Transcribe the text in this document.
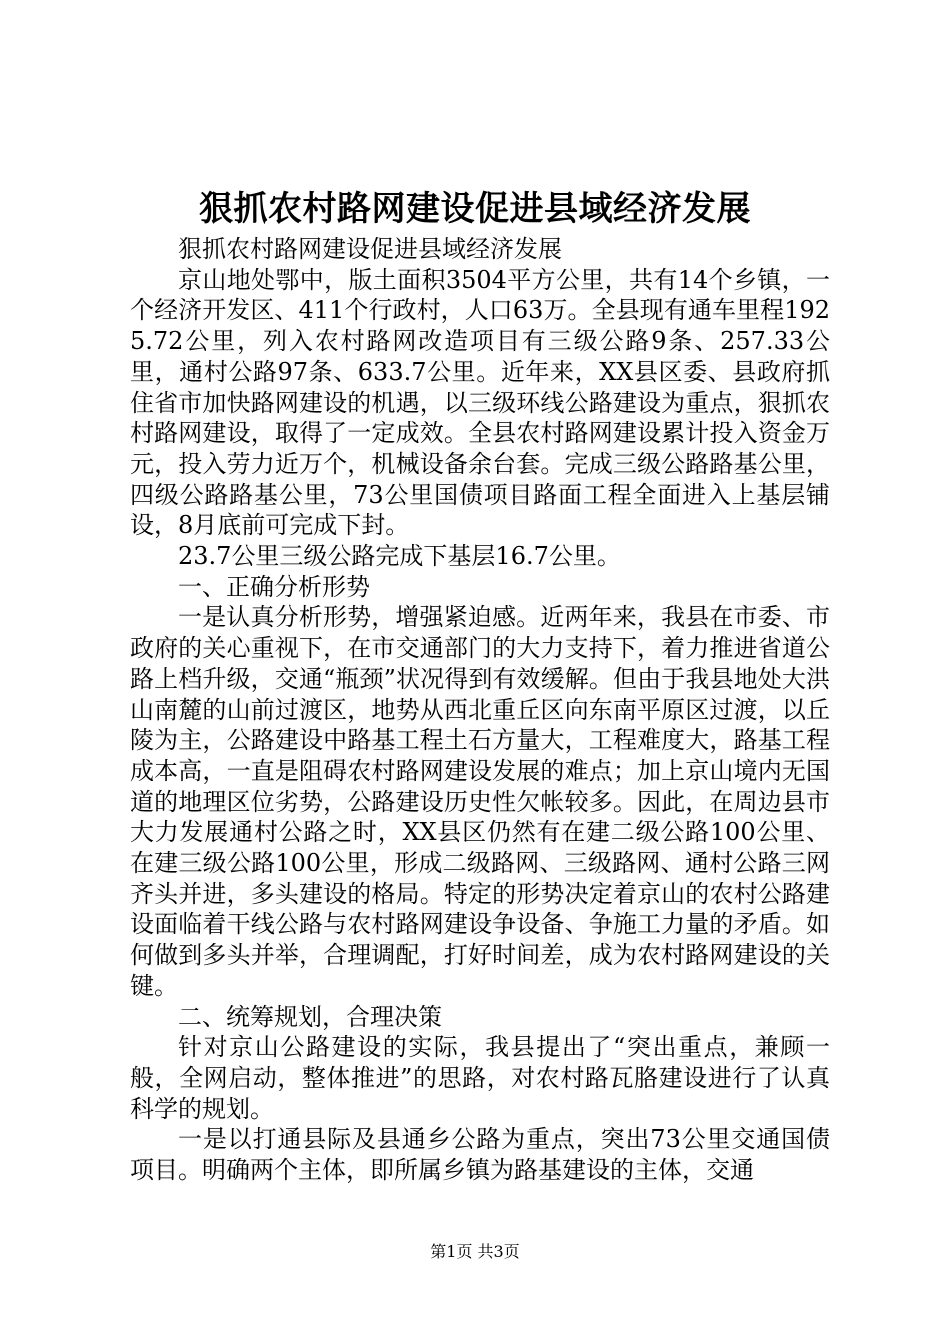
狠抓农村路网建设促进县域经济发展

狠抓农村路网建设促进县域经济发展

京山地处鄂中，版土面积3504平方公里，共有14个乡镇，一个经济开发区、411个行政村，人口63万。全县现有通车里程1925.72公里，列入农村路网改造项目有三级公路9条、257.33公里，通村公路97条、633.7公里。近年来，XX县区委、县政府抓住省市加快路网建设的机遇，以三级环线公路建设为重点，狠抓农村路网建设，取得了一定成效。全县农村路网建设累计投入资金万元，投入劳力近万个，机械设备余台套。完成三级公路路基公里，四级公路路基公里，73公里国债项目路面工程全面进入上基层铺设，8月底前可完成下封。

23.7公里三级公路完成下基层16.7公里。

一、正确分析形势

一是认真分析形势，增强紧迫感。近两年来，我县在市委、市政府的关心重视下，在市交通部门的大力支持下，着力推进省道公路上档升级，交通“瓶颈”状况得到有效缓解。但由于我县地处大洪山南麓的山前过渡区，地势从西北重丘区向东南平原区过渡，以丘陵为主，公路建设中路基工程土石方量大，工程难度大，路基工程成本高，一直是阻碍农村路网建设发展的难点；加上京山境内无国道的地理区位劣势，公路建设历史性欠帐较多。因此，在周边县市大力发展通村公路之时，XX县区仍然有在建二级公路100公里、在建三级公路100公里，形成二级路网、三级路网、通村公路三网齐头并进，多头建设的格局。特定的形势决定着京山的农村公路建设面临着干线公路与农村路网建设争设备、争施工力量的矛盾。如何做到多头并举，合理调配，打好时间差，成为农村路网建设的关键。

二、统筹规划，合理决策

针对京山公路建设的实际，我县提出了“突出重点，兼顾一般，全网启动，整体推进”的思路，对农村路瓦胳建设进行了认真科学的规划。

一是以打通县际及县通乡公路为重点，突出73公里交通国债项目。明确两个主体，即所属乡镇为路基建设的主体，交通

第1页 共3页
